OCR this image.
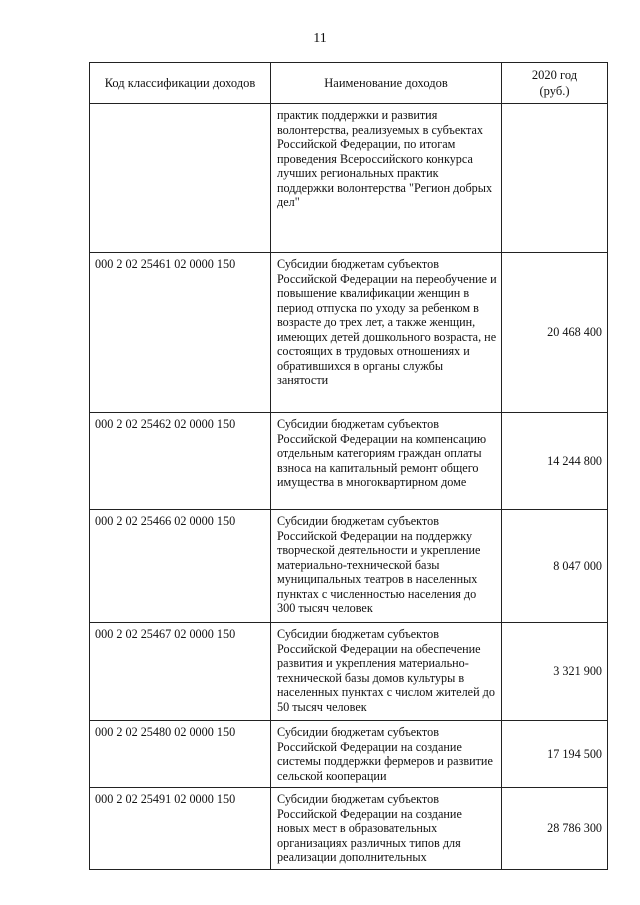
11
Код классификации доходов	Наименование доходов	2020 год
(руб.)

	практик поддержки и развития волонтерства, реализуемых в субъектах Российской Федерации, по итогам проведения Всероссийского конкурса лучших региональных практик поддержки волонтерства "Регион добрых дел"	

000 2 02 25461 02 0000 150	Субсидии бюджетам субъектов Российской Федерации на переобучение и повышение квалификации женщин в период отпуска по уходу за ребенком в возрасте до трех лет, а также женщин, имеющих детей дошкольного возраста, не состоящих в трудовых отношениях и обратившихся в органы службы занятости	20 468 400
000 2 02 25462 02 0000 150	Субсидии бюджетам субъектов Российской Федерации на компенсацию отдельным категориям граждан оплаты взноса на капитальный ремонт общего имущества в многоквартирном доме	14 244 800
000 2 02 25466 02 0000 150	Субсидии бюджетам субъектов Российской Федерации на поддержку творческой деятельности и укрепление материально-технической базы муниципальных театров в населенных пунктах с численностью населения до 300 тысяч человек	8 047 000
000 2 02 25467 02 0000 150	Субсидии бюджетам субъектов Российской Федерации на обеспечение развития и укрепления материально-технической базы домов культуры в населенных пунктах с числом жителей до 50 тысяч человек	3 321 900
000 2 02 25480 02 0000 150	Субсидии бюджетам субъектов Российской Федерации на создание системы поддержки фермеров и развитие сельской кооперации	17 194 500
000 2 02 25491 02 0000 150	Субсидии бюджетам субъектов Российской Федерации на создание новых мест в образовательных организациях различных типов для реализации дополнительных	28 786 300
